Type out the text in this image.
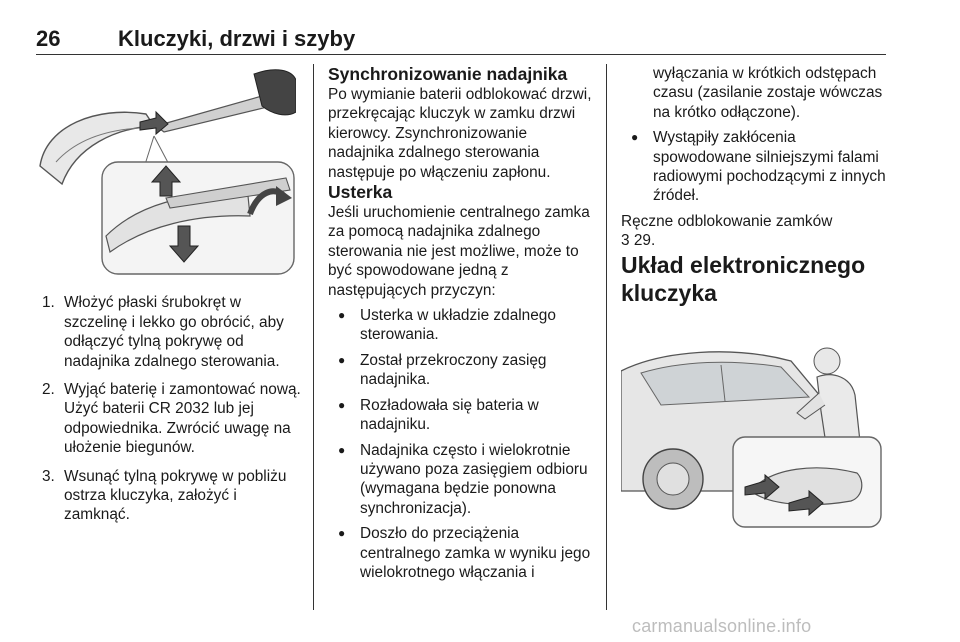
26	Kluczyki, drzwi i szyby
1. Włożyć płaski śrubokręt w szczelinę i lekko go obrócić, aby odłączyć tylną pokrywę od nadajnika zdalnego sterowania.
2. Wyjąć baterię i zamontować nową. Użyć baterii CR 2032 lub jej odpowiednika. Zwrócić uwagę na ułożenie biegunów.
3. Wsunąć tylną pokrywę w pobliżu ostrza kluczyka, założyć i zamknąć.

Synchronizowanie nadajnika

Po wymianie baterii odblokować drzwi, przekręcając kluczyk w zamku drzwi kierowcy. Zsynchronizowanie nadajnika zdalnego sterowania następuje po włączeniu zapłonu.

Usterka

Jeśli uruchomienie centralnego zamka za pomocą nadajnika zdalnego sterowania nie jest możliwe, może to być spowodowane jedną z następujących przyczyn:

● Usterka w układzie zdalnego sterowania.
● Został przekroczony zasięg nadajnika.
● Rozładowała się bateria w nadajniku.
● Nadajnika często i wielokrotnie używano poza zasięgiem odbioru (wymagana będzie ponowna synchronizacja).
● Doszło do przeciążenia centralnego zamka w wyniku jego wielokrotnego włączania i
wyłączania w krótkich odstępach czasu (zasilanie zostaje wówczas na krótko odłączone).
● Wystąpiły zakłócenia spowodowane silniejszymi falami radiowymi pochodzącymi z innych źródeł.

Ręczne odblokowanie zamków
3 29.

Układ elektronicznego kluczyka

carmanualsonline.info
